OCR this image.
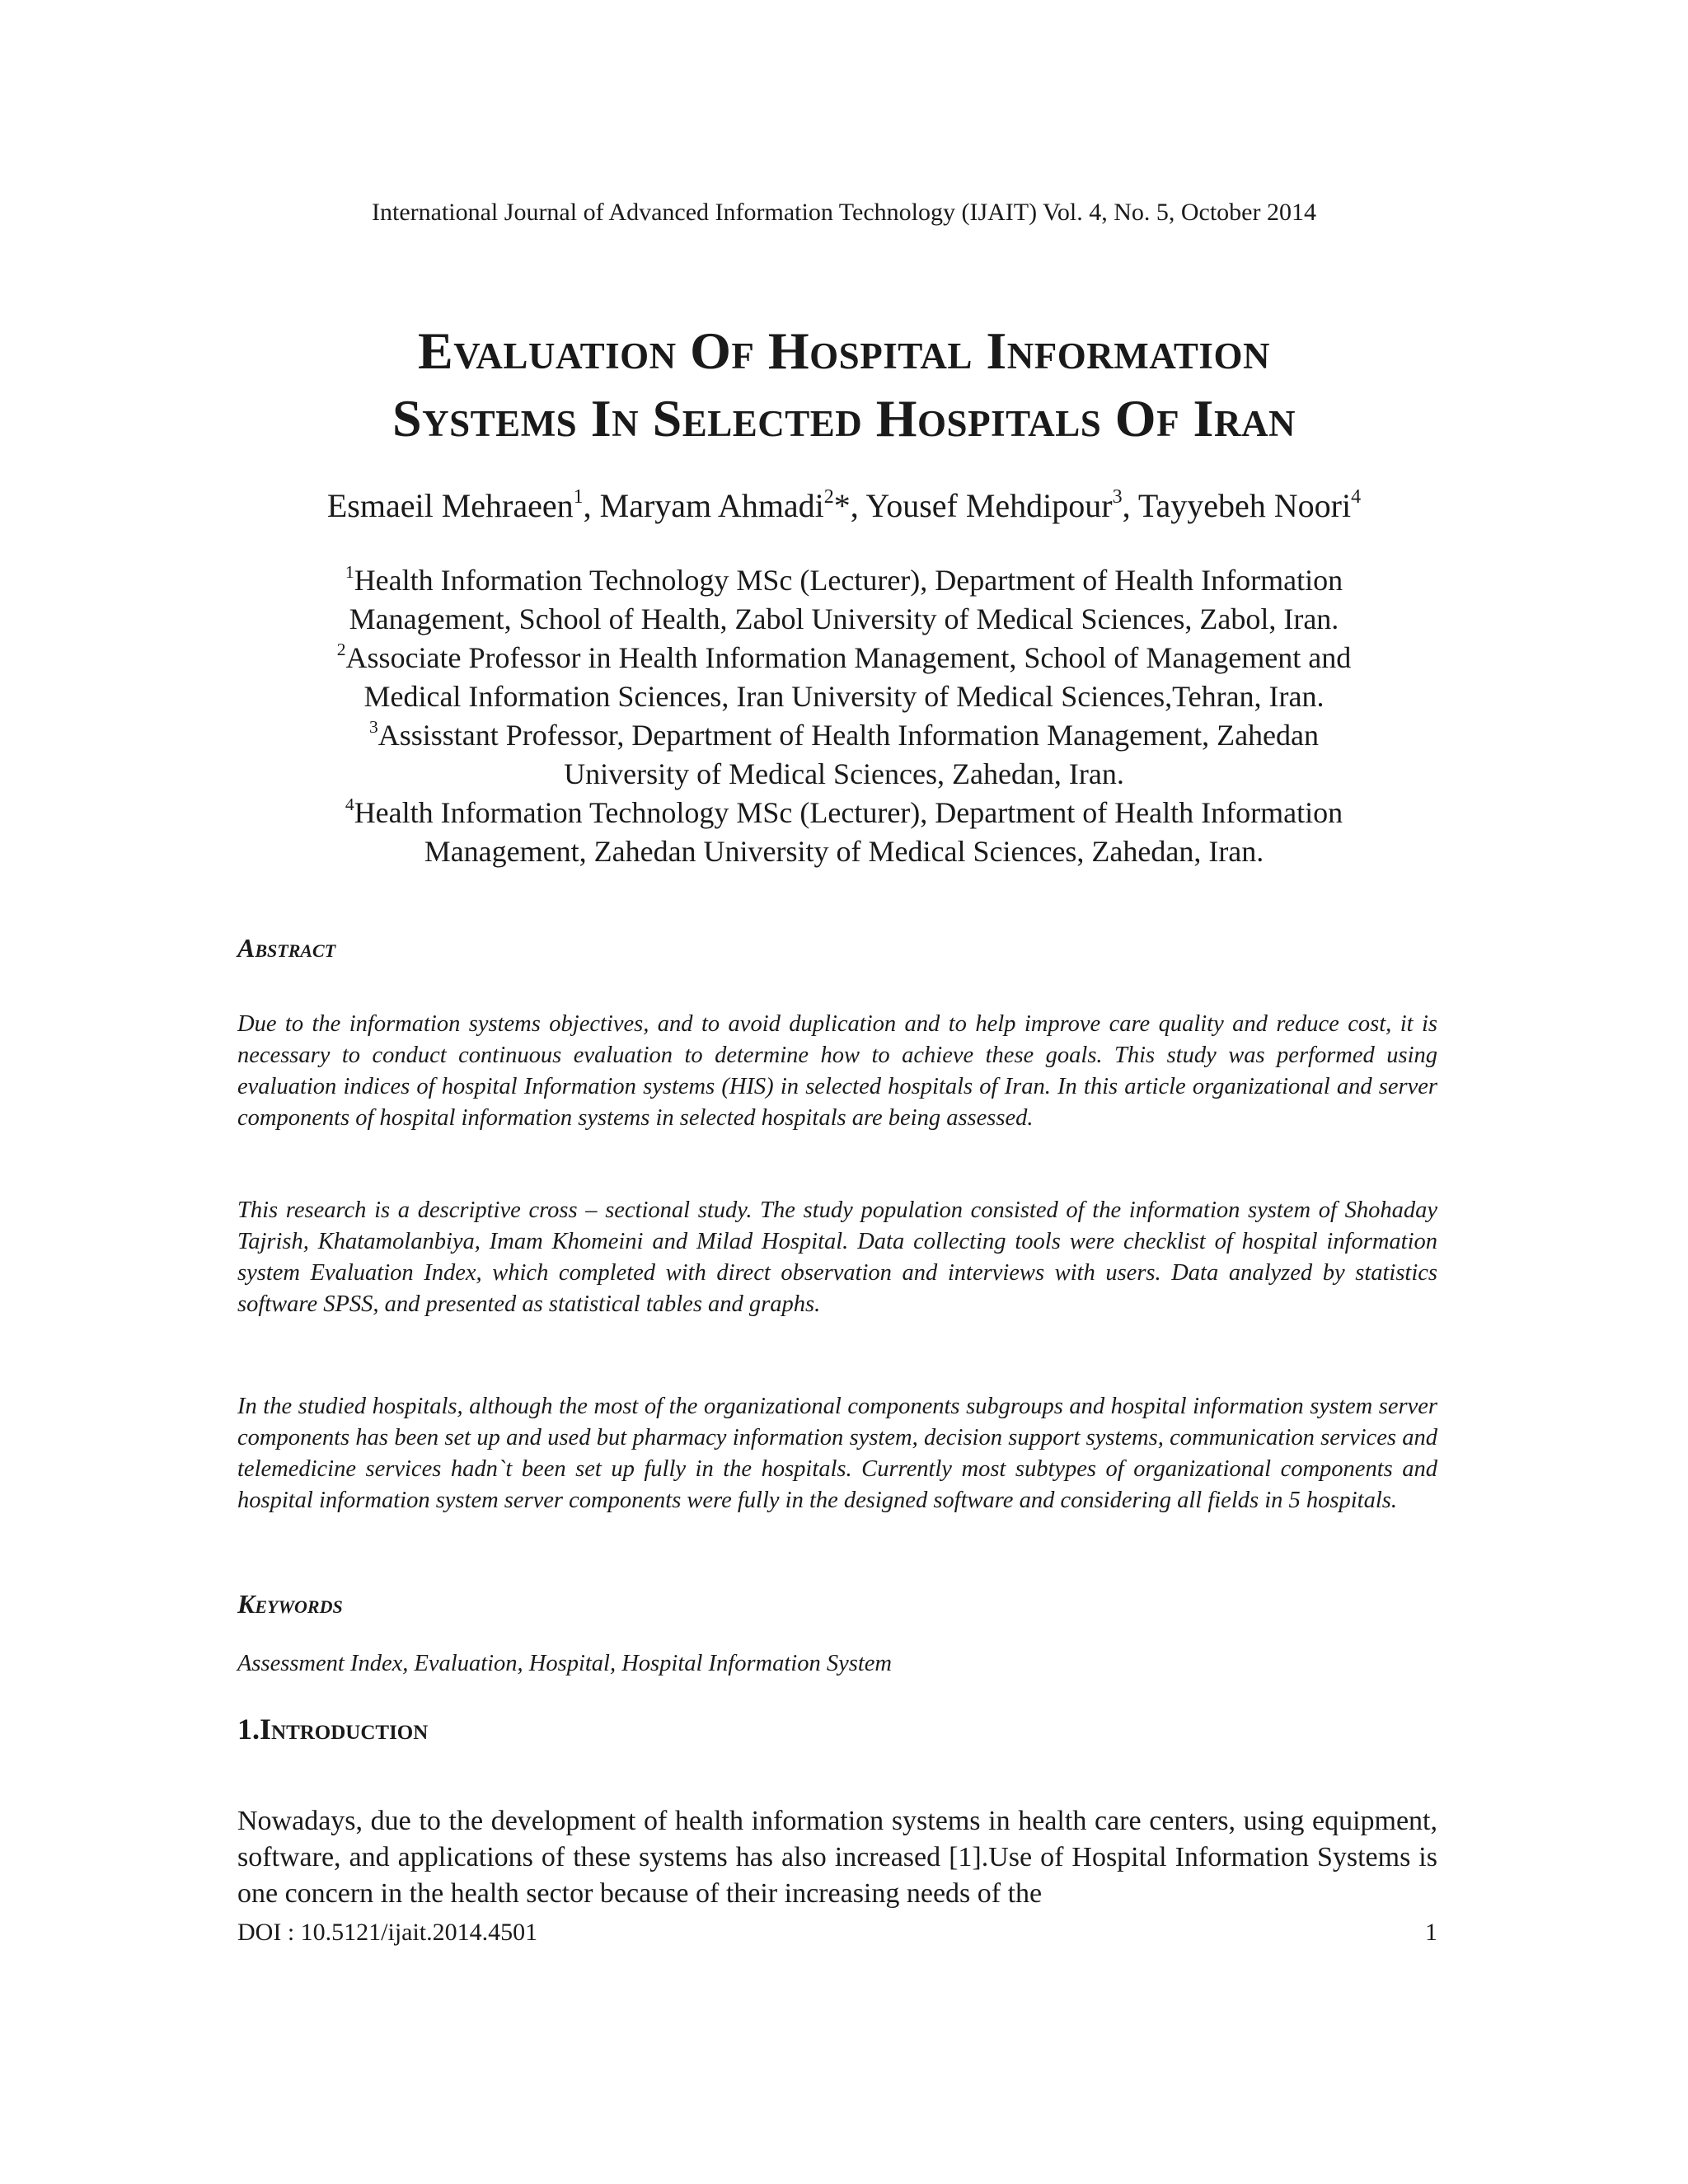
International Journal of Advanced Information Technology (IJAIT) Vol. 4, No. 5, October 2014
Evaluation Of Hospital Information
Systems In Selected Hospitals Of Iran
Esmaeil Mehraeen$^1$, Maryam Ahmadi$^2$*, Yousef Mehdipour$^3$, Tayyebeh Noori$^4$
$^1$Health Information Technology MSc (Lecturer), Department of Health Information
Management, School of Health, Zabol University of Medical Sciences, Zabol, Iran.
$^2$Associate Professor in Health Information Management, School of Management and
Medical Information Sciences, Iran University of Medical Sciences,Tehran, Iran.
$^3$Assisstant Professor, Department of Health Information Management, Zahedan
University of Medical Sciences, Zahedan, Iran.
$^4$Health Information Technology MSc (Lecturer), Department of Health Information
Management, Zahedan University of Medical Sciences, Zahedan, Iran.
Abstract
Due to the information systems objectives, and to avoid duplication and to help improve care quality and reduce cost, it is necessary to conduct continuous evaluation to determine how to achieve these goals. This study was performed using evaluation indices of hospital Information systems (HIS) in selected hospitals of Iran. In this article organizational and server components of hospital information systems in selected hospitals are being assessed.
This research is a descriptive cross – sectional study. The study population consisted of the information system of Shohaday Tajrish, Khatamolanbiya, Imam Khomeini and Milad Hospital. Data collecting tools were checklist of hospital information system Evaluation Index, which completed with direct observation and interviews with users. Data analyzed by statistics software SPSS, and presented as statistical tables and graphs.
In the studied hospitals, although the most of the organizational components subgroups and hospital information system server components has been set up and used but pharmacy information system, decision support systems, communication services and telemedicine services hadn`t been set up fully in the hospitals. Currently most subtypes of organizational components and hospital information system server components were fully in the designed software and considering all fields in 5 hospitals.
Keywords
Assessment Index, Evaluation, Hospital, Hospital Information System
1.Introduction
Nowadays, due to the development of health information systems in health care centers, using equipment, software, and applications of these systems has also increased [1].Use of Hospital Information Systems is one concern in the health sector because of their increasing needs of the
DOI : 10.5121/ijait.2014.4501	1
